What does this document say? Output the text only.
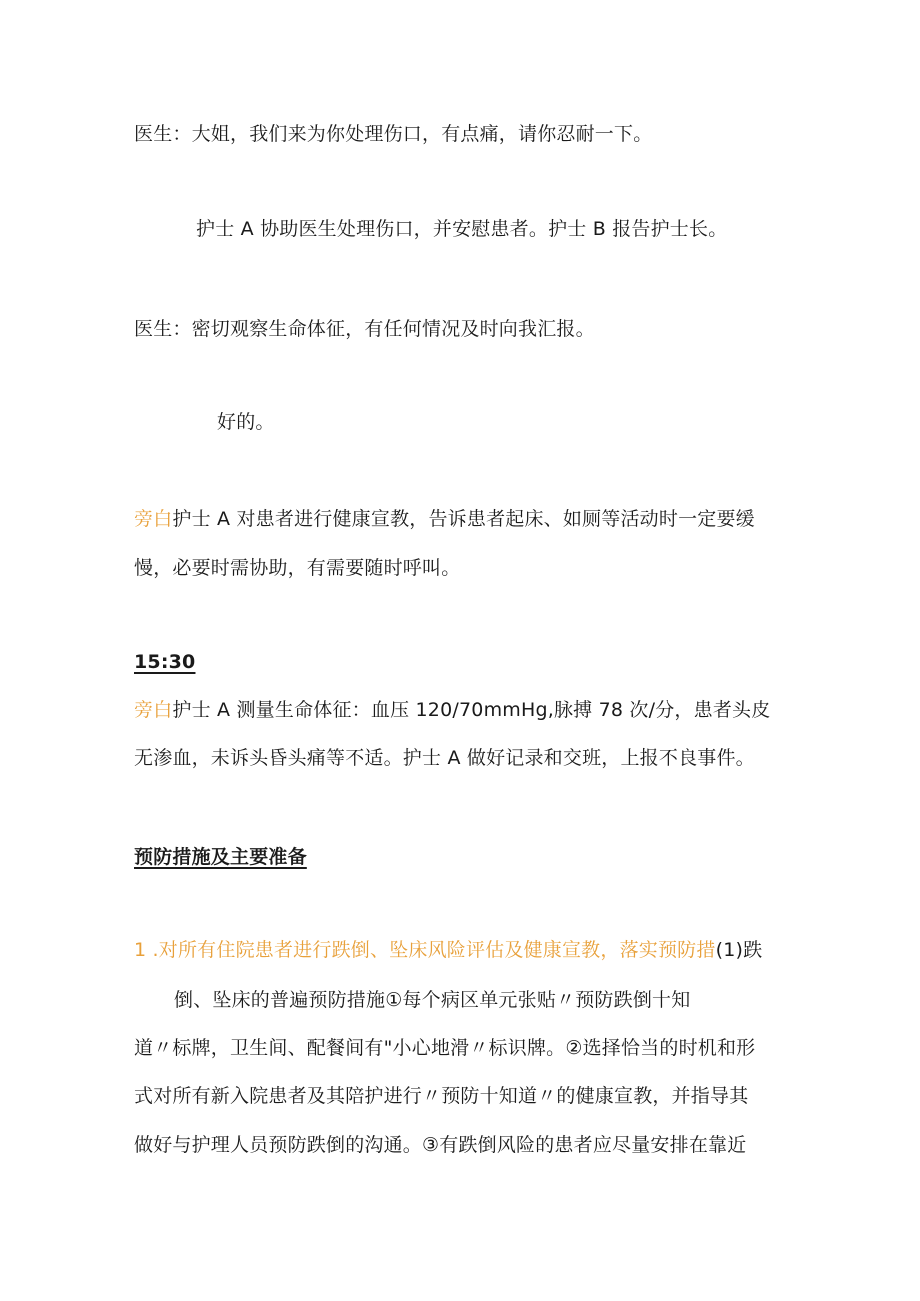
医生：大姐，我们来为你处理伤口，有点痛，请你忍耐一下。
护士 A 协助医生处理伤口，并安慰患者。护士 B 报告护士长。
医生：密切观察生命体征，有任何情况及时向我汇报。
好的。
旁白护士 A 对患者进行健康宣教，告诉患者起床、如厕等活动时一定要缓
慢，必要时需协助，有需要随时呼叫。
15:30
旁白护士 A 测量生命体征：血压 120/70mmHg,脉搏 78 次/分，患者头皮
无渗血，未诉头昏头痛等不适。护士 A 做好记录和交班，上报不良事件。
预防措施及主要准备
1 .对所有住院患者进行跌倒、坠床风险评估及健康宣教，落实预防措(1)跌
倒、坠床的普遍预防措施①每个病区单元张贴〃预防跌倒十知
道〃标牌，卫生间、配餐间有"小心地滑〃标识牌。②选择恰当的时机和形
式对所有新入院患者及其陪护进行〃预防十知道〃的健康宣教，并指导其
做好与护理人员预防跌倒的沟通。③有跌倒风险的患者应尽量安排在靠近
